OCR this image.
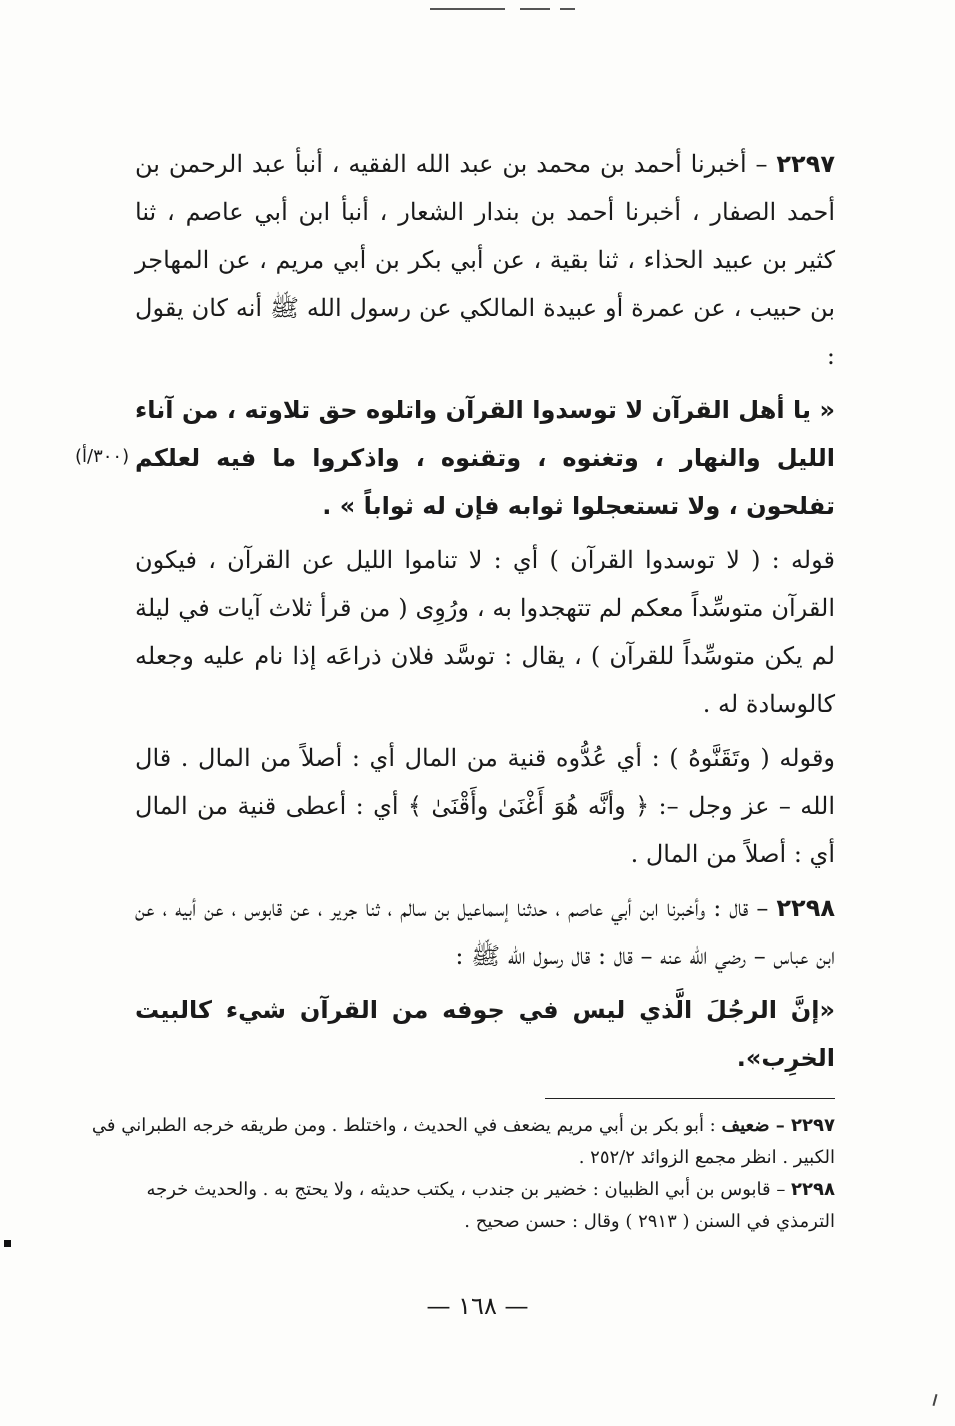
٢٢٩٧ – أخبرنا أحمد بن محمد بن عبد الله الفقيه ، أنبأ عبد الرحمن بن أحمد الصفار ، أخبرنا أحمد بن بندار الشعار ، أنبأ ابن أبي عاصم ، ثنا كثير بن عبيد الحذاء ، ثنا بقية ، عن أبي بكر بن أبي مريم ، عن المهاجر بن حبيب ، عن عمرة أو عبيدة المالكي عن رسول الله ﷺ أنه كان يقول :

« يا أهل القرآن لا توسدوا القرآن واتلوه حق تلاوته ، من آناء الليل والنهار ، وتغنوه ، وتقنوه ، واذكروا ما فيه لعلكم تفلحون ، ولا تستعجلوا ثوابه فإن له ثواباً » .

قوله : ( لا توسدوا القرآن ) أي : لا تناموا الليل عن القرآن ، فيكون القرآن متوسِّداً معكم لم تتهجدوا به ، ورُوِی ( من قرأ ثلاث آيات في ليلة لم يكن متوسِّداً للقرآن ) ، يقال : توسَّد فلان ذراعَه إذا نام عليه وجعله كالوسادة له .

وقوله ( وتَقَنَّوهُ ) : أي عُدُّوه قنية من المال أي : أصلاً من المال . قال الله – عز وجل –: ﴿ وأنَّه هُوَ أَغْنَىٰ وأَقْنَىٰ ﴾ أي : أعطى قنية من المال أي : أصلاً من المال .

٢٢٩٨ – قال : وأخبرنا ابن أبي عاصم ، حدثنا إسماعيل بن سالم ، ثنا جرير ، عن قابوس ، عن أبيه ، عن ابن عباس – رضي الله عنه – قال : قال رسول الله ﷺ :

«إنَّ الرجُلَ الَّذي ليس في جوفه من القرآن شيء كالبيت الخرِب».

(٣٠٠/أ)

٢٢٩٧ – ضعيف : أبو بكر بن أبي مريم يضعف في الحديث ، واختلط . ومن طريقه خرجه الطبراني في الكبير . انظر مجمع الزوائد ٢٥٢/٢ .

٢٢٩٨ – قابوس بن أبي الظبيان : خضير بن جندب ، يكتب حديثه ، ولا يحتج به . والحديث خرجه الترمذي في السنن ( ٢٩١٣ ) وقال : حسن صحيح .

— ١٦٨ —
